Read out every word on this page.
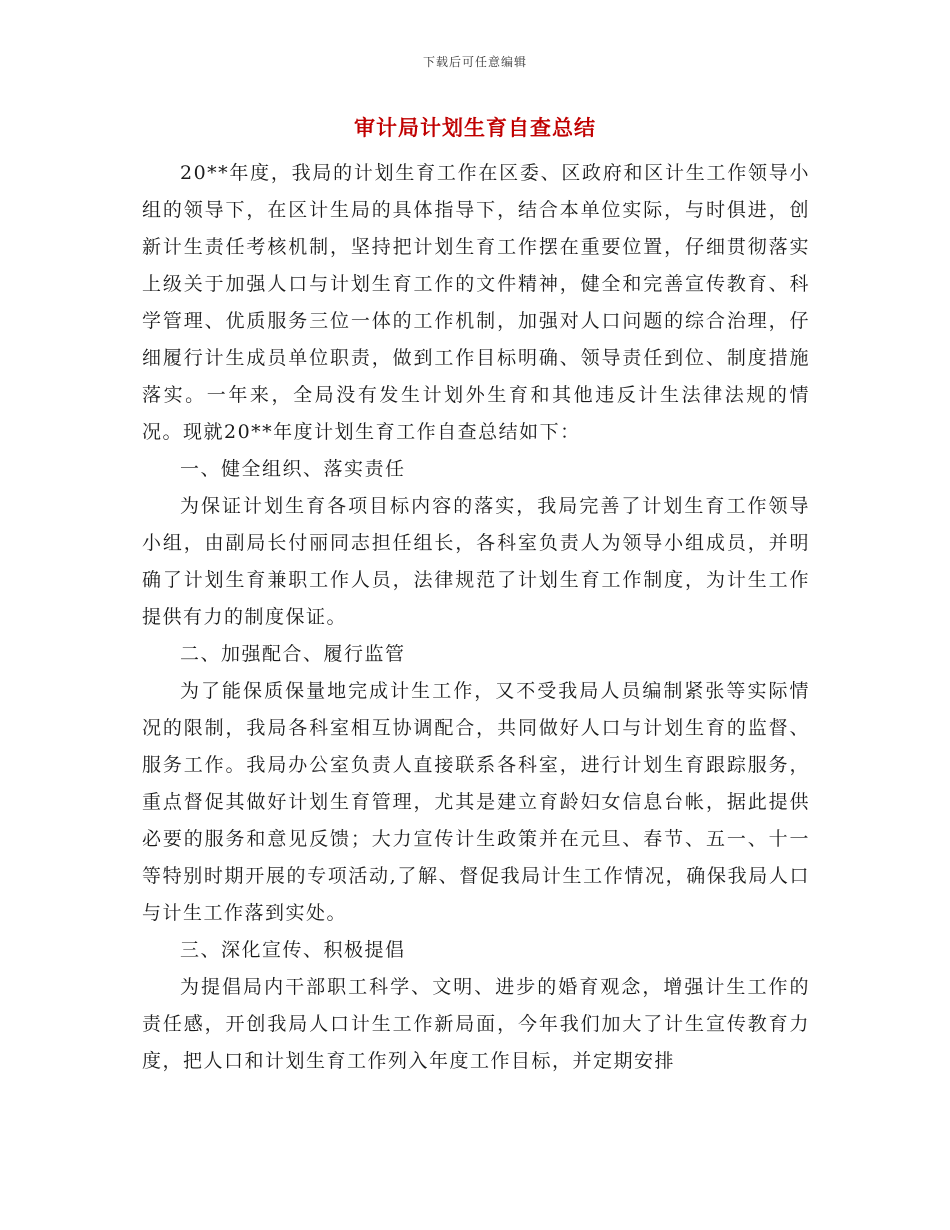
下载后可任意编辑
审计局计划生育自查总结

20**年度，我局的计划生育工作在区委、区政府和区计生工作领导小组的领导下，在区计生局的具体指导下，结合本单位实际，与时俱进，创新计生责任考核机制，坚持把计划生育工作摆在重要位置，仔细贯彻落实上级关于加强人口与计划生育工作的文件精神，健全和完善宣传教育、科学管理、优质服务三位一体的工作机制，加强对人口问题的综合治理，仔细履行计生成员单位职责，做到工作目标明确、领导责任到位、制度措施落实。一年来，全局没有发生计划外生育和其他违反计生法律法规的情况。现就20**年度计划生育工作自查总结如下：

一、健全组织、落实责任

为保证计划生育各项目标内容的落实，我局完善了计划生育工作领导小组，由副局长付丽同志担任组长，各科室负责人为领导小组成员，并明确了计划生育兼职工作人员，法律规范了计划生育工作制度，为计生工作提供有力的制度保证。

二、加强配合、履行监管

为了能保质保量地完成计生工作，又不受我局人员编制紧张等实际情况的限制，我局各科室相互协调配合，共同做好人口与计划生育的监督、服务工作。我局办公室负责人直接联系各科室，进行计划生育跟踪服务，重点督促其做好计划生育管理，尤其是建立育龄妇女信息台帐，据此提供必要的服务和意见反馈；大力宣传计生政策并在元旦、春节、五一、十一等特别时期开展的专项活动,了解、督促我局计生工作情况，确保我局人口与计生工作落到实处。

三、深化宣传、积极提倡

为提倡局内干部职工科学、文明、进步的婚育观念，增强计生工作的责任感，开创我局人口计生工作新局面，今年我们加大了计生宣传教育力度，把人口和计划生育工作列入年度工作目标，并定期安排
